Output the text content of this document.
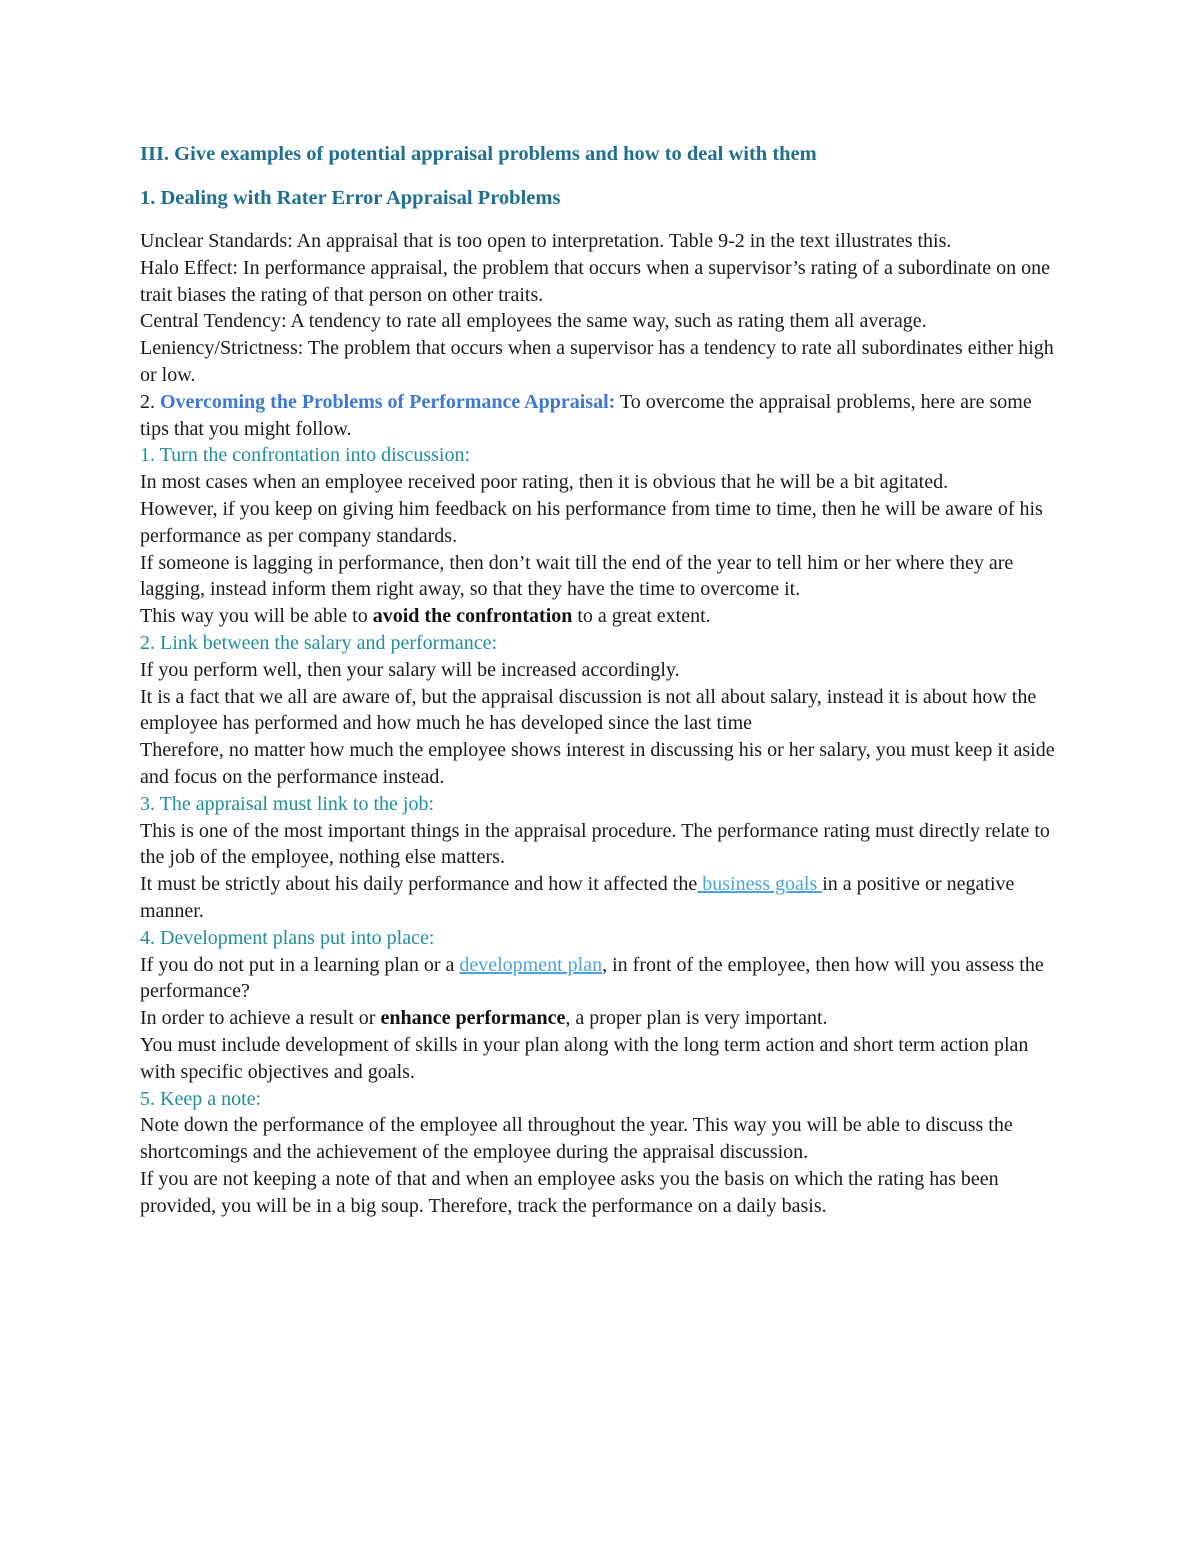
III. Give examples of potential appraisal problems and how to deal with them

1. Dealing with Rater Error Appraisal Problems

Unclear Standards: An appraisal that is too open to interpretation. Table 9-2 in the text illustrates this.

Halo Effect: In performance appraisal, the problem that occurs when a supervisor’s rating of a subordinate on one trait biases the rating of that person on other traits.

Central Tendency: A tendency to rate all employees the same way, such as rating them all average.

Leniency/Strictness: The problem that occurs when a supervisor has a tendency to rate all subordinates either high or low.

2. Overcoming the Problems of Performance Appraisal: To overcome the appraisal problems, here are some tips that you might follow.

1. Turn the confrontation into discussion:

In most cases when an employee received poor rating, then it is obvious that he will be a bit agitated.

However, if you keep on giving him feedback on his performance from time to time, then he will be aware of his performance as per company standards.

If someone is lagging in performance, then don’t wait till the end of the year to tell him or her where they are lagging, instead inform them right away, so that they have the time to overcome it.

This way you will be able to avoid the confrontation to a great extent.

2. Link between the salary and performance:

If you perform well, then your salary will be increased accordingly.

It is a fact that we all are aware of, but the appraisal discussion is not all about salary, instead it is about how the employee has performed and how much he has developed since the last time

Therefore, no matter how much the employee shows interest in discussing his or her salary, you must keep it aside and focus on the performance instead.

3. The appraisal must link to the job:

This is one of the most important things in the appraisal procedure. The performance rating must directly relate to the job of the employee, nothing else matters.

It must be strictly about his daily performance and how it affected the business goals in a positive or negative manner.

4. Development plans put into place:

If you do not put in a learning plan or a development plan, in front of the employee, then how will you assess the performance?

In order to achieve a result or enhance performance, a proper plan is very important.

You must include development of skills in your plan along with the long term action and short term action plan with specific objectives and goals.

5. Keep a note:

Note down the performance of the employee all throughout the year. This way you will be able to discuss the shortcomings and the achievement of the employee during the appraisal discussion.

If you are not keeping a note of that and when an employee asks you the basis on which the rating has been provided, you will be in a big soup. Therefore, track the performance on a daily basis.
